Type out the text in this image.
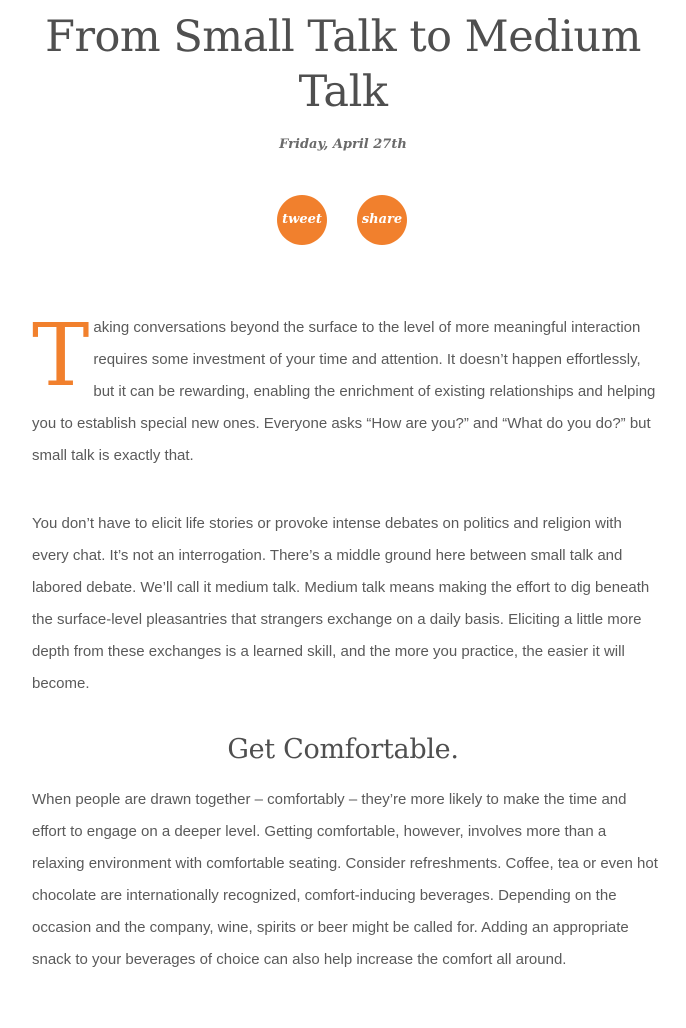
From Small Talk to Medium Talk
Friday, April 27th
tweet	share

Taking conversations beyond the surface to the level of more meaningful interaction requires some investment of your time and attention. It doesn’t happen effortlessly, but it can be rewarding, enabling the enrichment of existing relationships and helping you to establish special new ones. Everyone asks “How are you?” and “What do you do?” but small talk is exactly that.

You don’t have to elicit life stories or provoke intense debates on politics and religion with every chat. It’s not an interrogation. There’s a middle ground here between small talk and labored debate. We’ll call it medium talk. Medium talk means making the effort to dig beneath the surface-level pleasantries that strangers exchange on a daily basis. Eliciting a little more depth from these exchanges is a learned skill, and the more you practice, the easier it will become.

Get Comfortable.

When people are drawn together – comfortably – they’re more likely to make the time and effort to engage on a deeper level. Getting comfortable, however, involves more than a relaxing environment with comfortable seating. Consider refreshments. Coffee, tea or even hot chocolate are internationally recognized, comfort-inducing beverages. Depending on the occasion and the company, wine, spirits or beer might be called for. Adding an appropriate snack to your beverages of choice can also help increase the comfort all around.
